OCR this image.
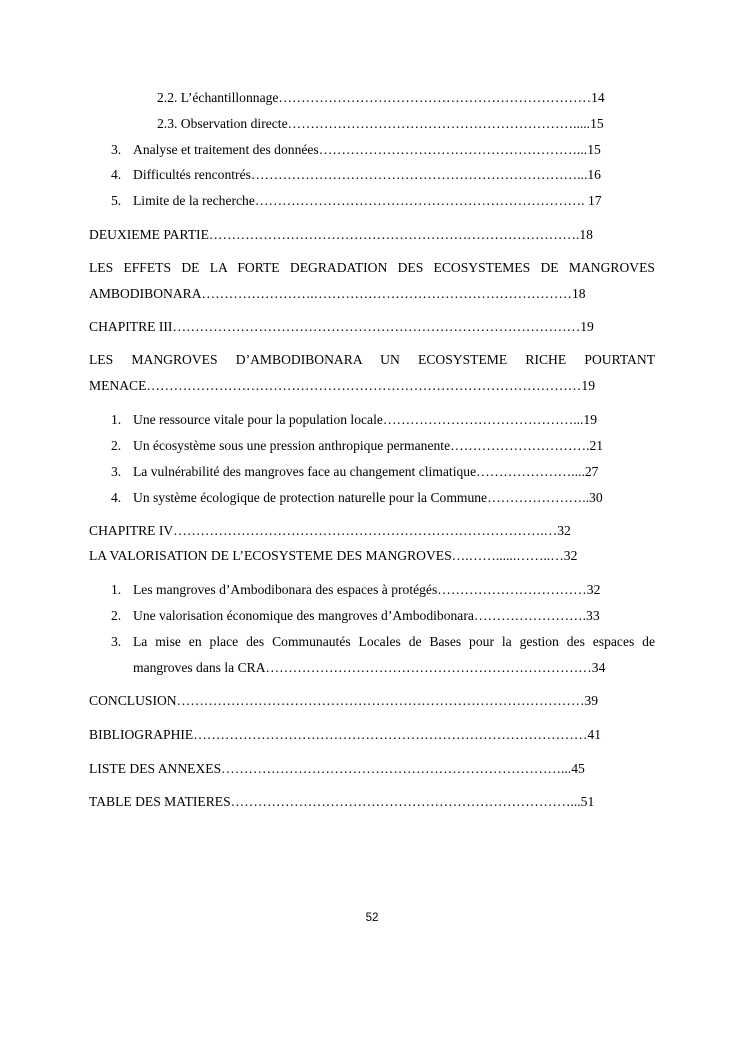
2.2. L’échantillonnage……………………………………………………………14
2.3. Observation directe……………………………………………………….....15
3. Analyse et traitement des données…………………………………………………...15
4. Difficultés rencontrés………………………………………………………………...16
5. Limite de la recherche………………………………………………………………. 17
DEUXIEME PARTIE……………………………………………………………………….18
LES EFFETS DE LA FORTE DEGRADATION DES ECOSYSTEMES DE MANGROVES
AMBODIBONARA…………………….…………………………………………………18
CHAPITRE III………………………………………………………………………………19
LES MANGROVES D’AMBODIBONARA UN ECOSYSTEME RICHE POURTANT
MENACE……………………………………………………………………………………19
1. Une ressource vitale pour la population locale……………………………………...19
2. Un écosystème sous une pression anthropique permanente………………………….21
3. La vulnérabilité des mangroves face au changement climatique…………………....27
4. Un système écologique de protection naturelle pour la Commune…………………..30
CHAPITRE IV……………………………………………………………………….…32
LA VALORISATION DE L’ECOSYSTEME DES MANGROVES….……......……..…32
1. Les mangroves d’Ambodibonara des espaces à protégés……………………………32
2. Une valorisation économique des mangroves d’Ambodibonara…………………….33
3. La mise en place des Communautés Locales de Bases pour la gestion des espaces de
mangroves dans la CRA………………………………………………………………34
CONCLUSION………………………………………………………………………………39
BIBLIOGRAPHIE……………………………………………………………………………41
LISTE DES ANNEXES…………………………………………………………………...45
TABLE DES MATIERES…………………………………………………………………...51
52
